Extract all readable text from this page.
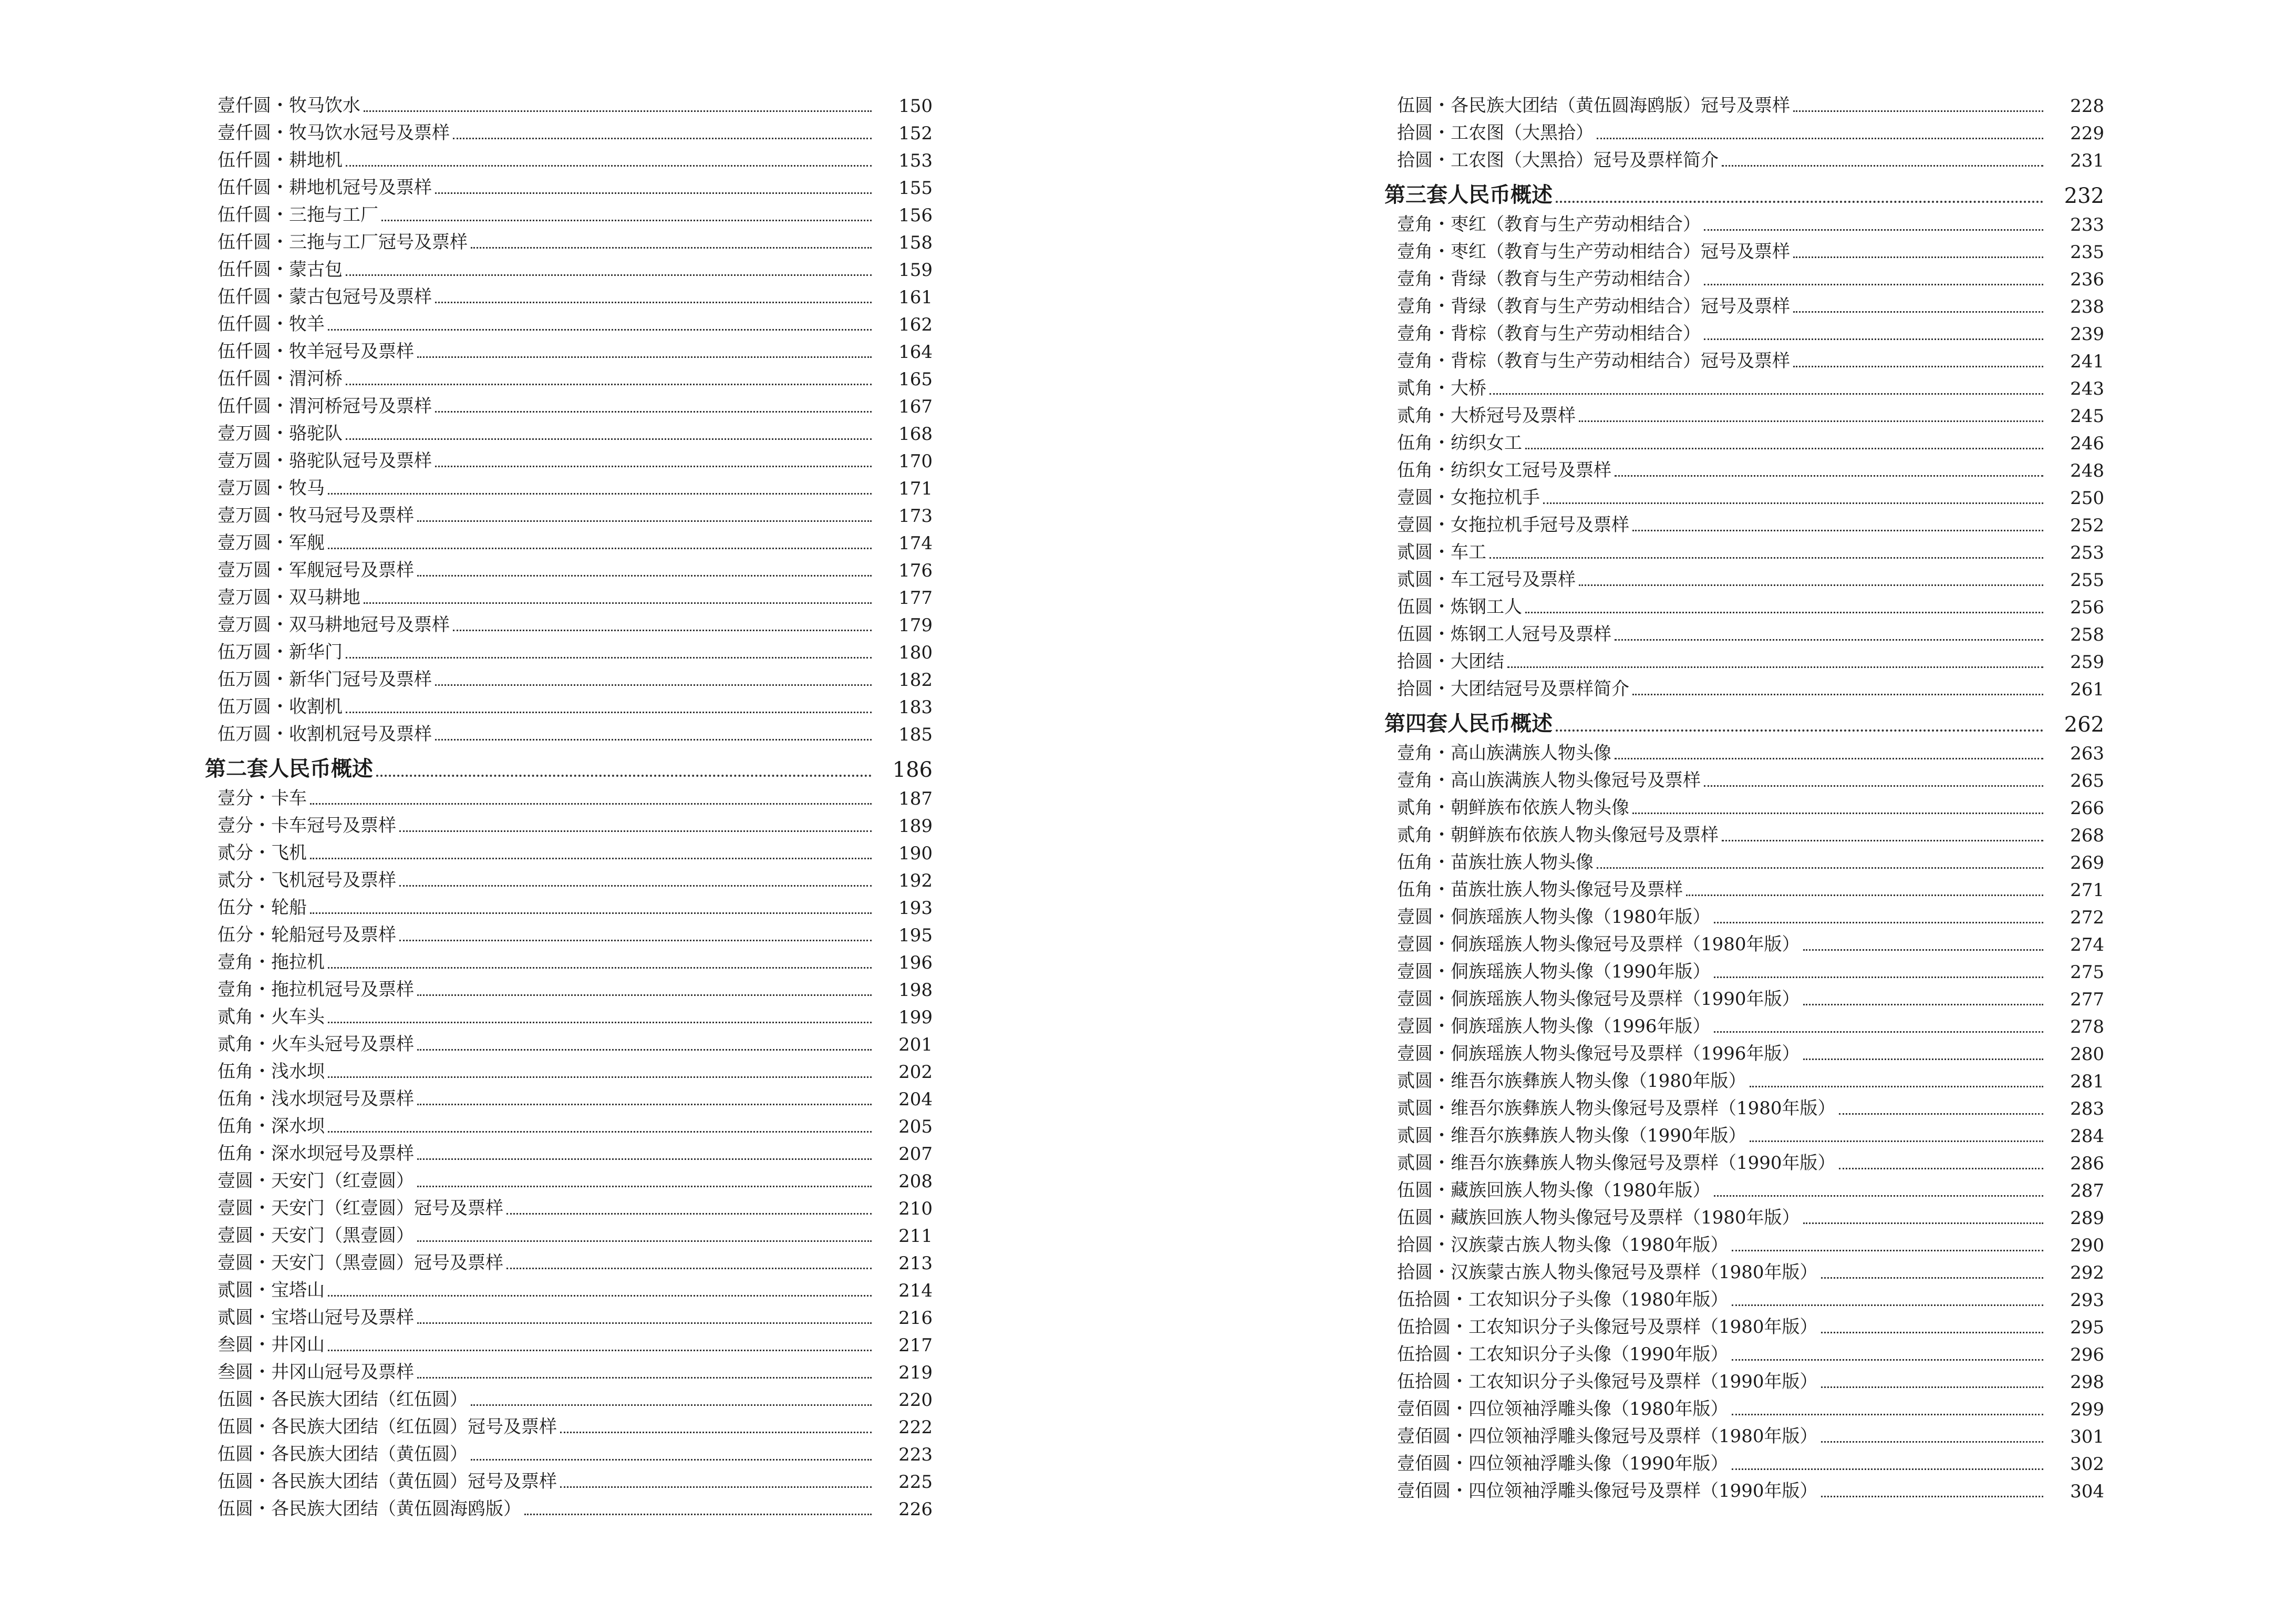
壹仟圆・牧马饮水	150
壹仟圆・牧马饮水冠号及票样	152
伍仟圆・耕地机	153
伍仟圆・耕地机冠号及票样	155
伍仟圆・三拖与工厂	156
伍仟圆・三拖与工厂冠号及票样	158
伍仟圆・蒙古包	159
伍仟圆・蒙古包冠号及票样	161
伍仟圆・牧羊	162
伍仟圆・牧羊冠号及票样	164
伍仟圆・渭河桥	165
伍仟圆・渭河桥冠号及票样	167
壹万圆・骆驼队	168
壹万圆・骆驼队冠号及票样	170
壹万圆・牧马	171
壹万圆・牧马冠号及票样	173
壹万圆・军舰	174
壹万圆・军舰冠号及票样	176
壹万圆・双马耕地	177
壹万圆・双马耕地冠号及票样	179
伍万圆・新华门	180
伍万圆・新华门冠号及票样	182
伍万圆・收割机	183
伍万圆・收割机冠号及票样	185
第二套人民币概述	186
壹分・卡车	187
壹分・卡车冠号及票样	189
贰分・飞机	190
贰分・飞机冠号及票样	192
伍分・轮船	193
伍分・轮船冠号及票样	195
壹角・拖拉机	196
壹角・拖拉机冠号及票样	198
贰角・火车头	199
贰角・火车头冠号及票样	201
伍角・浅水坝	202
伍角・浅水坝冠号及票样	204
伍角・深水坝	205
伍角・深水坝冠号及票样	207
壹圆・天安门（红壹圆）	208
壹圆・天安门（红壹圆）冠号及票样	210
壹圆・天安门（黑壹圆）	211
壹圆・天安门（黑壹圆）冠号及票样	213
贰圆・宝塔山	214
贰圆・宝塔山冠号及票样	216
叁圆・井冈山	217
叁圆・井冈山冠号及票样	219
伍圆・各民族大团结（红伍圆）	220
伍圆・各民族大团结（红伍圆）冠号及票样	222
伍圆・各民族大团结（黄伍圆）	223
伍圆・各民族大团结（黄伍圆）冠号及票样	225
伍圆・各民族大团结（黄伍圆海鸥版）	226
伍圆・各民族大团结（黄伍圆海鸥版）冠号及票样	228
拾圆・工农图（大黑拾）	229
拾圆・工农图（大黑拾）冠号及票样简介	231
第三套人民币概述	232
壹角・枣红（教育与生产劳动相结合）	233
壹角・枣红（教育与生产劳动相结合）冠号及票样	235
壹角・背绿（教育与生产劳动相结合）	236
壹角・背绿（教育与生产劳动相结合）冠号及票样	238
壹角・背棕（教育与生产劳动相结合）	239
壹角・背棕（教育与生产劳动相结合）冠号及票样	241
贰角・大桥	243
贰角・大桥冠号及票样	245
伍角・纺织女工	246
伍角・纺织女工冠号及票样	248
壹圆・女拖拉机手	250
壹圆・女拖拉机手冠号及票样	252
贰圆・车工	253
贰圆・车工冠号及票样	255
伍圆・炼钢工人	256
伍圆・炼钢工人冠号及票样	258
拾圆・大团结	259
拾圆・大团结冠号及票样简介	261
第四套人民币概述	262
壹角・高山族满族人物头像	263
壹角・高山族满族人物头像冠号及票样	265
贰角・朝鲜族布依族人物头像	266
贰角・朝鲜族布依族人物头像冠号及票样	268
伍角・苗族壮族人物头像	269
伍角・苗族壮族人物头像冠号及票样	271
壹圆・侗族瑶族人物头像（1980年版）	272
壹圆・侗族瑶族人物头像冠号及票样（1980年版）	274
壹圆・侗族瑶族人物头像（1990年版）	275
壹圆・侗族瑶族人物头像冠号及票样（1990年版）	277
壹圆・侗族瑶族人物头像（1996年版）	278
壹圆・侗族瑶族人物头像冠号及票样（1996年版）	280
贰圆・维吾尔族彝族人物头像（1980年版）	281
贰圆・维吾尔族彝族人物头像冠号及票样（1980年版）	283
贰圆・维吾尔族彝族人物头像（1990年版）	284
贰圆・维吾尔族彝族人物头像冠号及票样（1990年版）	286
伍圆・藏族回族人物头像（1980年版）	287
伍圆・藏族回族人物头像冠号及票样（1980年版）	289
拾圆・汉族蒙古族人物头像（1980年版）	290
拾圆・汉族蒙古族人物头像冠号及票样（1980年版）	292
伍拾圆・工农知识分子头像（1980年版）	293
伍拾圆・工农知识分子头像冠号及票样（1980年版）	295
伍拾圆・工农知识分子头像（1990年版）	296
伍拾圆・工农知识分子头像冠号及票样（1990年版）	298
壹佰圆・四位领袖浮雕头像（1980年版）	299
壹佰圆・四位领袖浮雕头像冠号及票样（1980年版）	301
壹佰圆・四位领袖浮雕头像（1990年版）	302
壹佰圆・四位领袖浮雕头像冠号及票样（1990年版）	304
